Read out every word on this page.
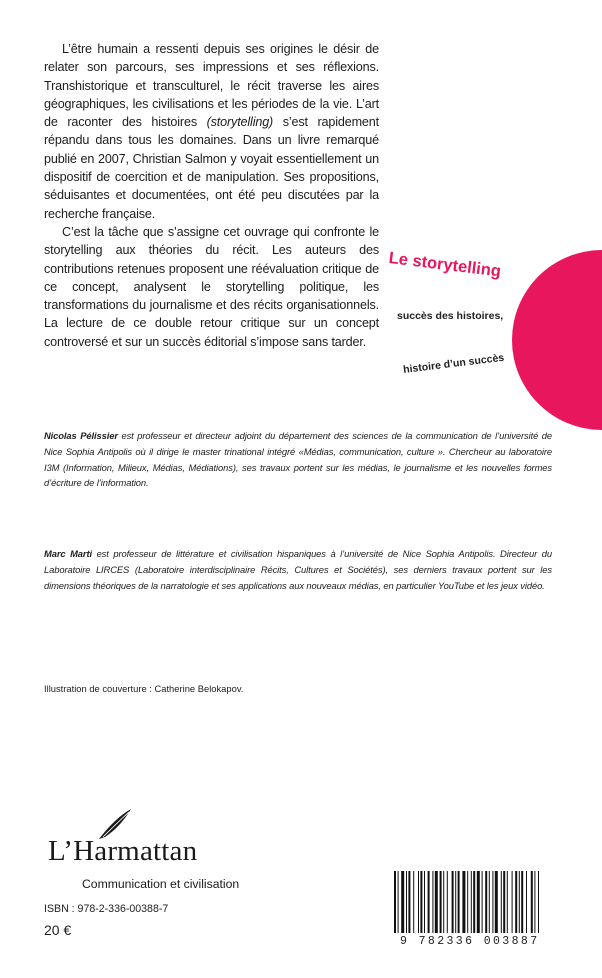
L’être humain a ressenti depuis ses origines le désir de relater son parcours, ses impressions et ses réflexions. Transhistorique et transculturel, le récit traverse les aires géographiques, les civilisations et les périodes de la vie. L’art de raconter des histoires (storytelling) s’est rapidement répandu dans tous les domaines. Dans un livre remarqué publié en 2007, Christian Salmon y voyait essentiellement un dispositif de coercition et de manipulation. Ses propositions, séduisantes et documentées, ont été peu discutées par la recherche française.

C’est la tâche que s’assigne cet ouvrage qui confronte le storytelling aux théories du récit. Les auteurs des contributions retenues proposent une réévaluation critique de ce concept, analysent le storytelling politique, les transformations du journalisme et des récits organisationnels. La lecture de ce double retour critique sur un concept controversé et sur un succès éditorial s’impose sans tarder.

Le storytelling
succès des histoires,
histoire d’un succès
Nicolas Pélissier est professeur et directeur adjoint du département des sciences de la communication de l’université de Nice Sophia Antipolis où il dirige le master trinational intégré «Médias, communication, culture ». Chercheur au laboratoire I3M (Information, Milieux, Médias, Médiations), ses travaux portent sur les médias, le journalisme et les nouvelles formes d’écriture de l’information.
Marc Marti est professeur de littérature et civilisation hispaniques à l’université de Nice Sophia Antipolis. Directeur du Laboratoire LIRCES (Laboratoire interdisciplinaire Récits, Cultures et Sociétés), ses derniers travaux portent sur les dimensions théoriques de la narratologie et ses applications aux nouveaux médias, en particulier YouTube et les jeux vidéo.
Illustration de couverture : Catherine Belokapov.
L’Harmattan
Communication et civilisation
ISBN : 978-2-336-00388-7
20 €
9 782336 003887
